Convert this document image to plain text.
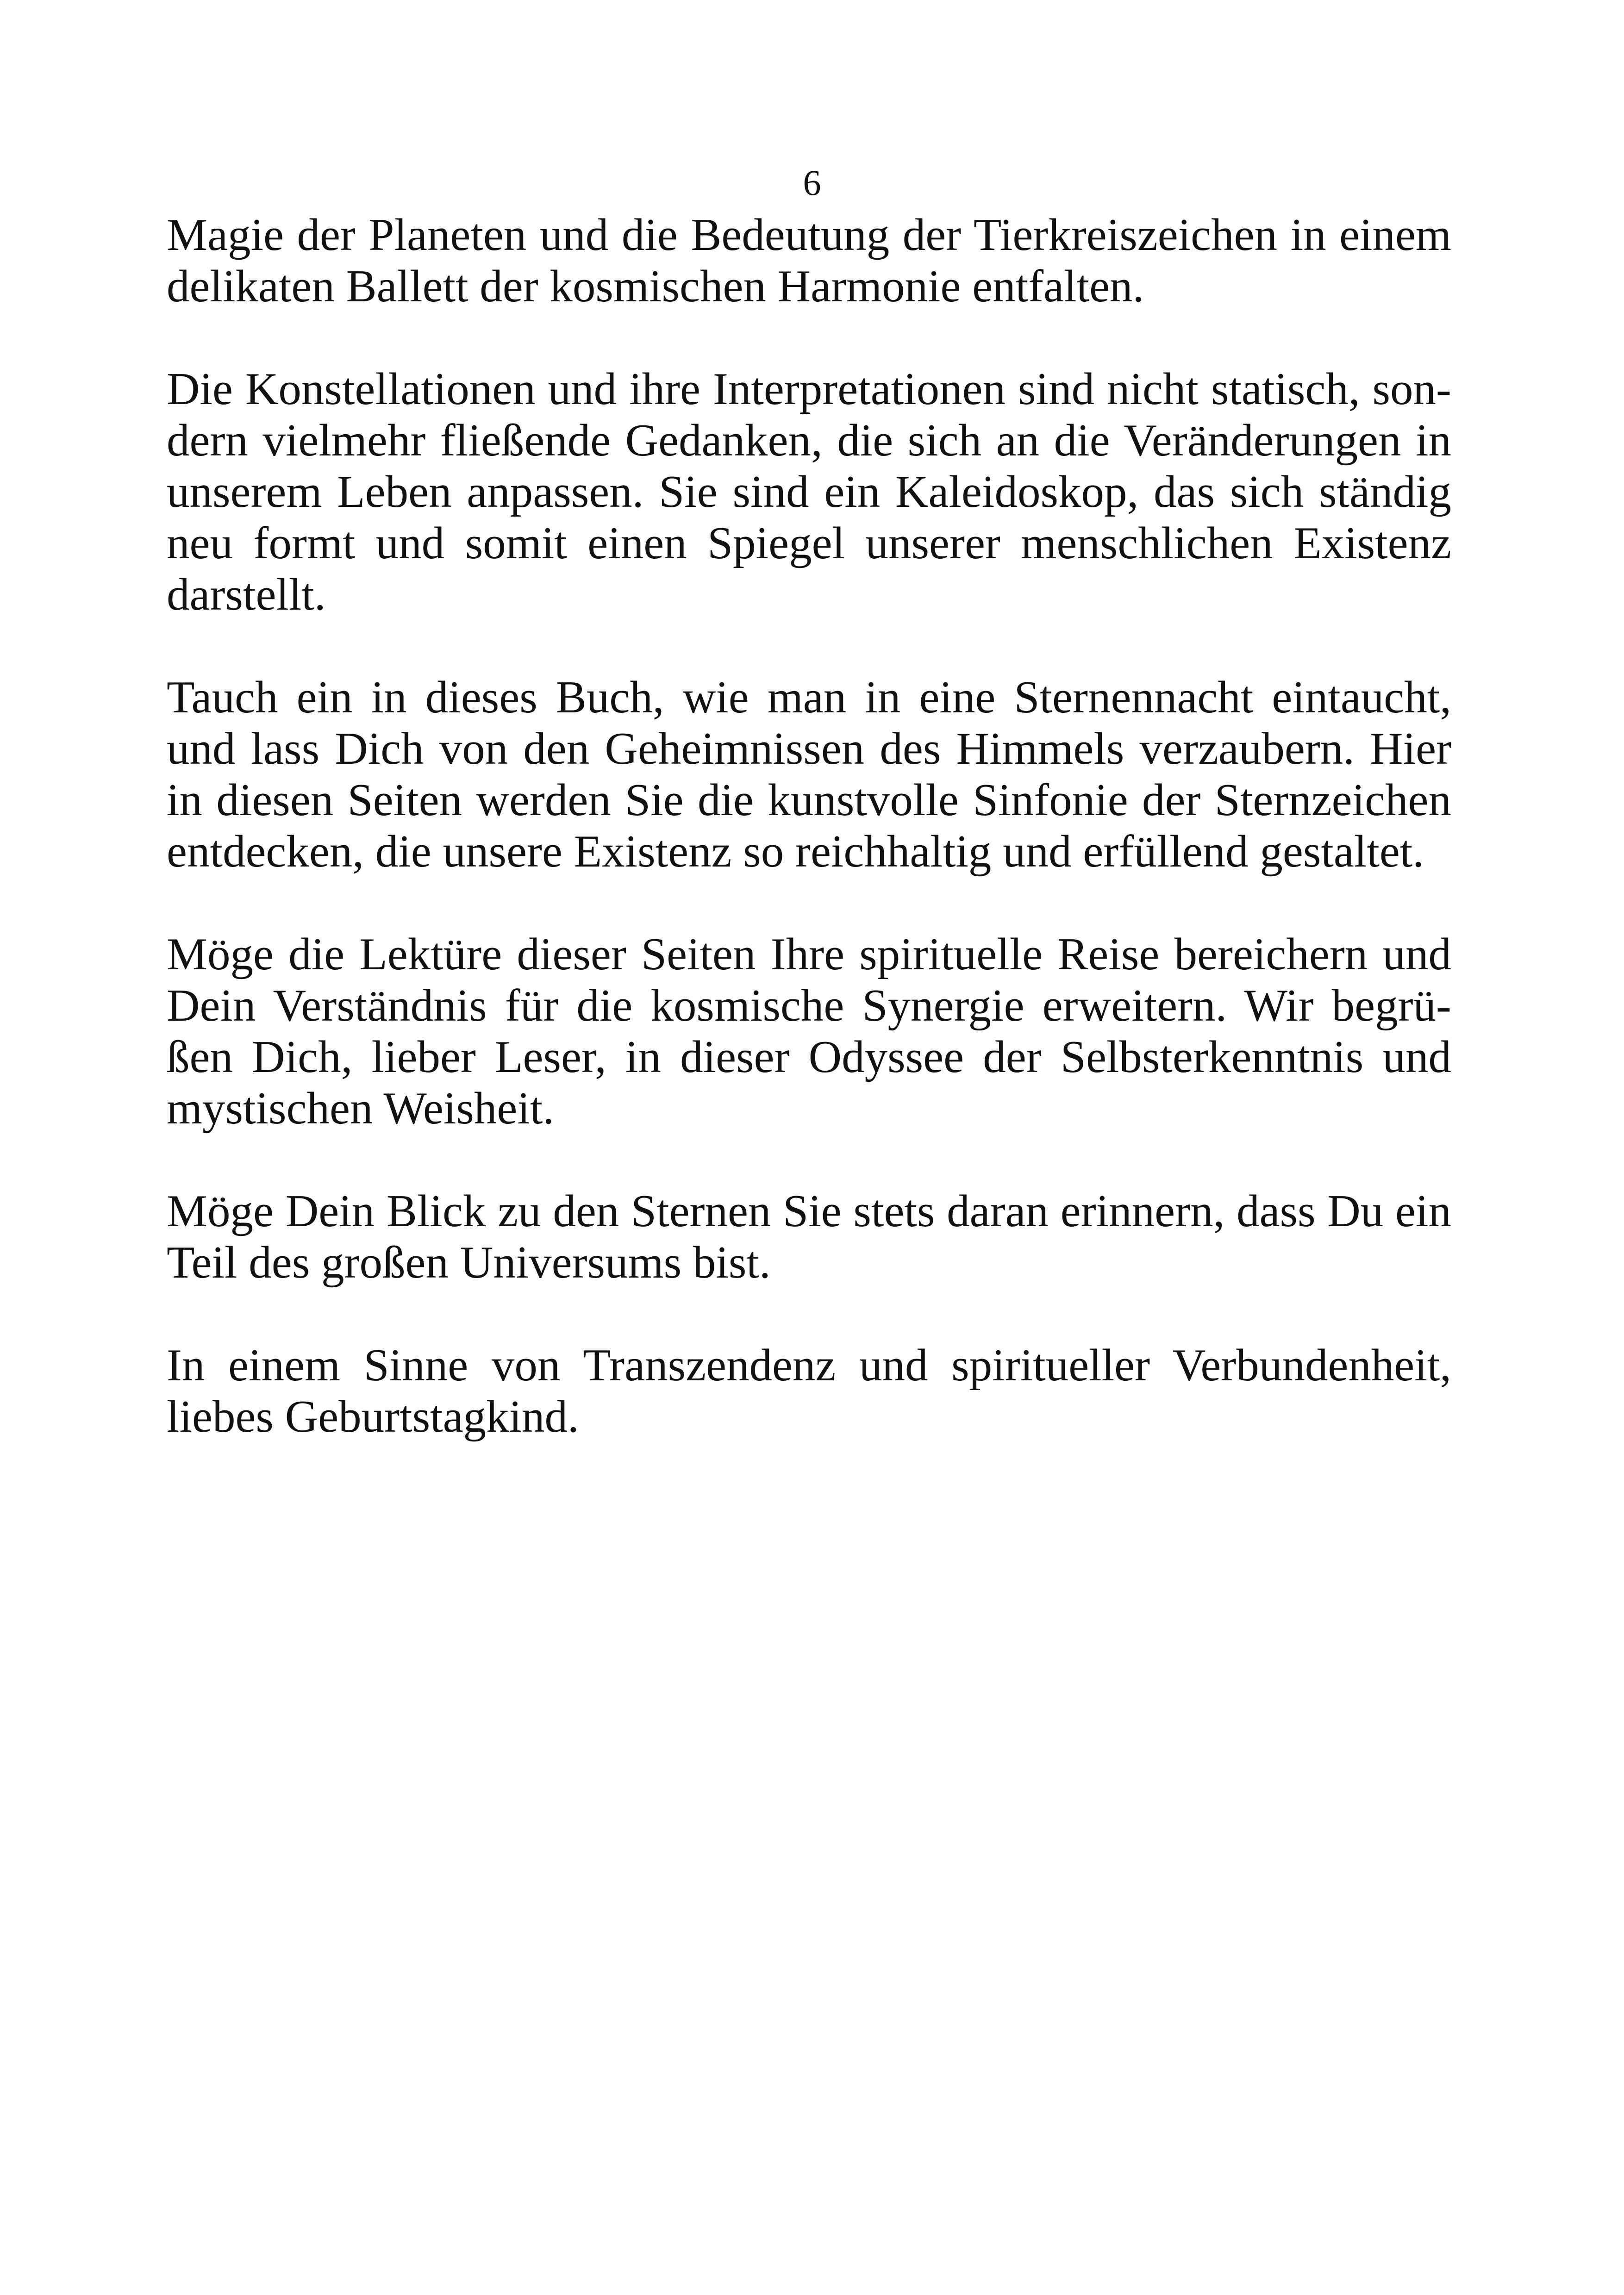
6
Magie der Planeten und die Bedeutung der Tierkreiszeichen in einem
delikaten Ballett der kosmischen Harmonie entfalten.
Die Konstellationen und ihre Interpretationen sind nicht statisch, son-
dern vielmehr fließende Gedanken, die sich an die Veränderungen in
unserem Leben anpassen. Sie sind ein Kaleidoskop, das sich ständig
neu formt und somit einen Spiegel unserer menschlichen Existenz
darstellt.
Tauch ein in dieses Buch, wie man in eine Sternennacht eintaucht,
und lass Dich von den Geheimnissen des Himmels verzaubern. Hier
in diesen Seiten werden Sie die kunstvolle Sinfonie der Sternzeichen
entdecken, die unsere Existenz so reichhaltig und erfüllend gestaltet.
Möge die Lektüre dieser Seiten Ihre spirituelle Reise bereichern und
Dein Verständnis für die kosmische Synergie erweitern. Wir begrü-
ßen Dich, lieber Leser, in dieser Odyssee der Selbsterkenntnis und
mystischen Weisheit.
Möge Dein Blick zu den Sternen Sie stets daran erinnern, dass Du ein
Teil des großen Universums bist.
In einem Sinne von Transzendenz und spiritueller Verbundenheit,
liebes Geburtstagkind.
